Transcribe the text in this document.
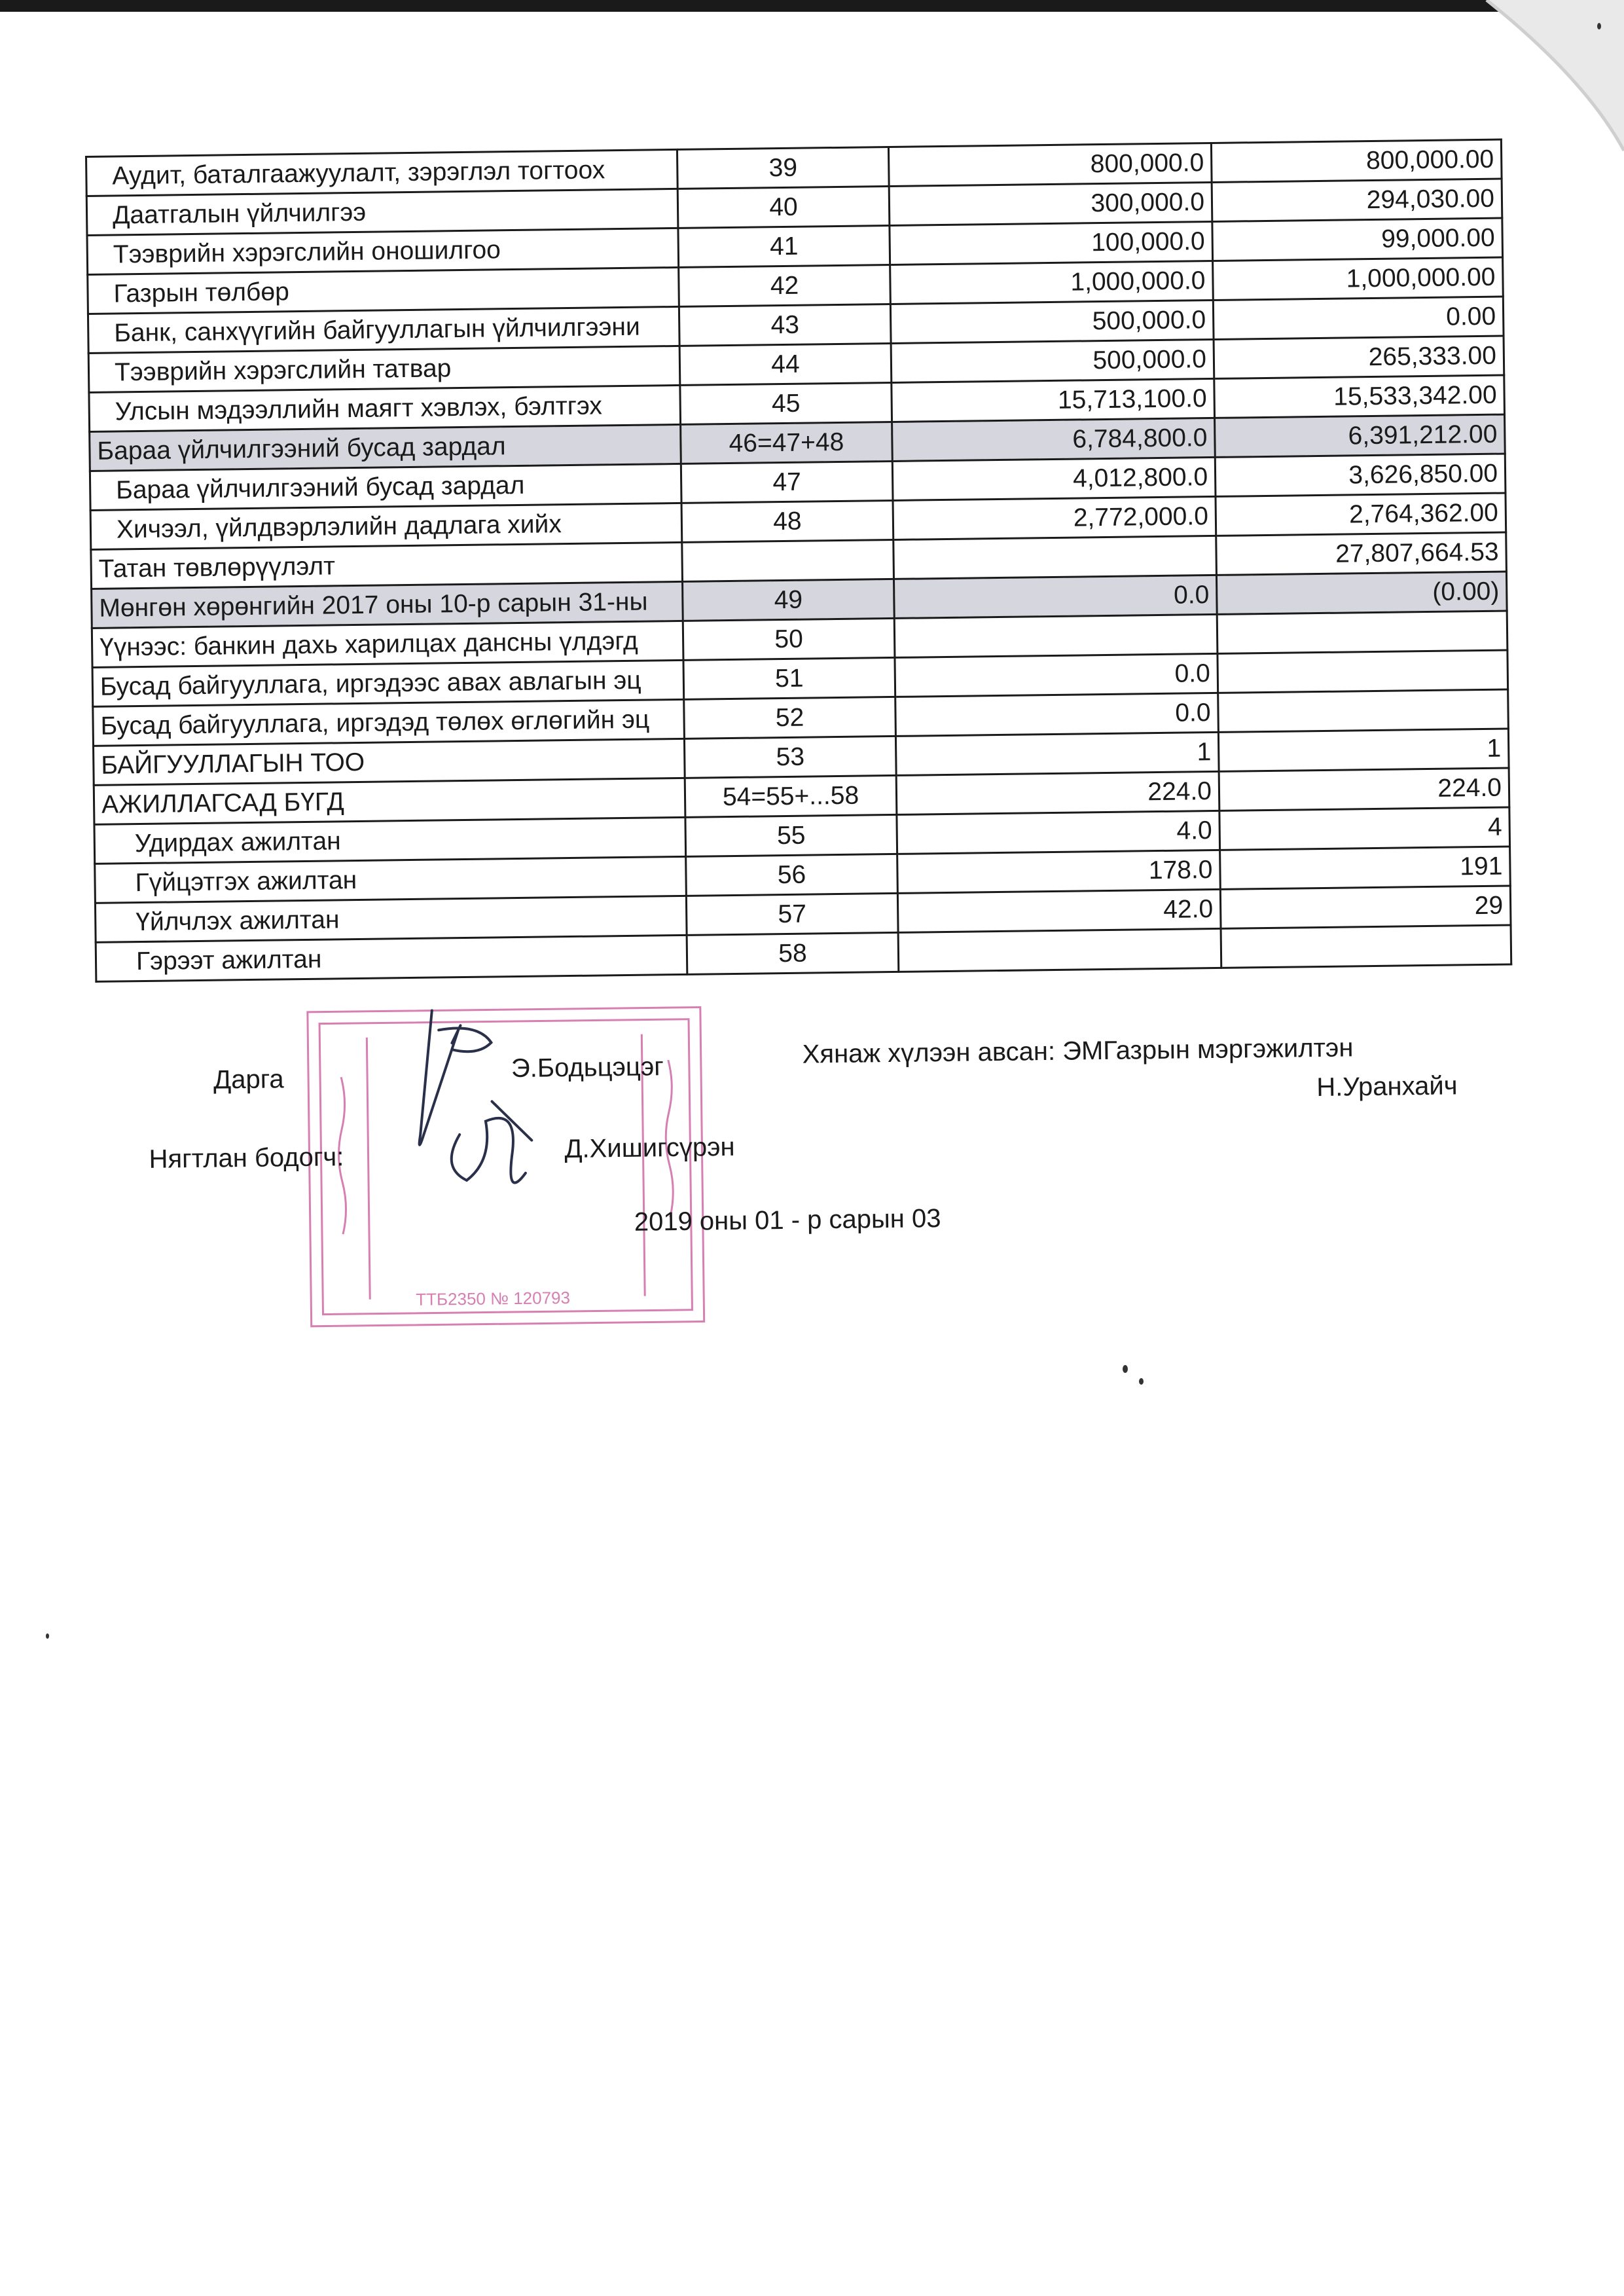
Аудит, баталгаажуулалт, зэрэглэл тогтоох	39	800,000.0	800,000.00
Даатгалын үйлчилгээ	40	300,000.0	294,030.00
Тээврийн хэрэгслийн оношилгоо	41	100,000.0	99,000.00
Газрын төлбөр	42	1,000,000.0	1,000,000.00
Банк, санхүүгийн байгууллагын үйлчилгээни	43	500,000.0	0.00
Тээврийн хэрэгслийн татвар	44	500,000.0	265,333.00
Улсын мэдээллийн маягт хэвлэх, бэлтгэх	45	15,713,100.0	15,533,342.00
Бараа үйлчилгээний бусад зардал	46=47+48	6,784,800.0	6,391,212.00
Бараа үйлчилгээний бусад зардал	47	4,012,800.0	3,626,850.00
Хичээл, үйлдвэрлэлийн дадлага хийх	48	2,772,000.0	2,764,362.00
Татан төвлөрүүлэлт			27,807,664.53
Мөнгөн хөрөнгийн 2017 оны 10-р сарын 31-ны	49	0.0	(0.00)
Үүнээс: банкин дахь харилцах дансны үлдэгд	50		
Бусад байгууллага, иргэдээс авах авлагын эц	51	0.0	
Бусад байгууллага, иргэдэд төлөх өглөгийн эц	52	0.0	
БАЙГУУЛЛАГЫН ТОО	53	1	1
АЖИЛЛАГСАД БҮГД	54=55+...58	224.0	224.0
Удирдах ажилтан	55	4.0	4
Гүйцэтгэх ажилтан	56	178.0	191
Үйлчлэх ажилтан	57	42.0	29
Гэрээт ажилтан	58		
ТТБ2350 № 120793
Дарга	Э.Бодьцэцэг	Хянаж хүлээн авсан: ЭМГазрын мэргэжилтэн
Н.Уранхайч
Нягтлан бодогч:	Д.Хишигсүрэн
2019 оны 01 - р сарын 03
